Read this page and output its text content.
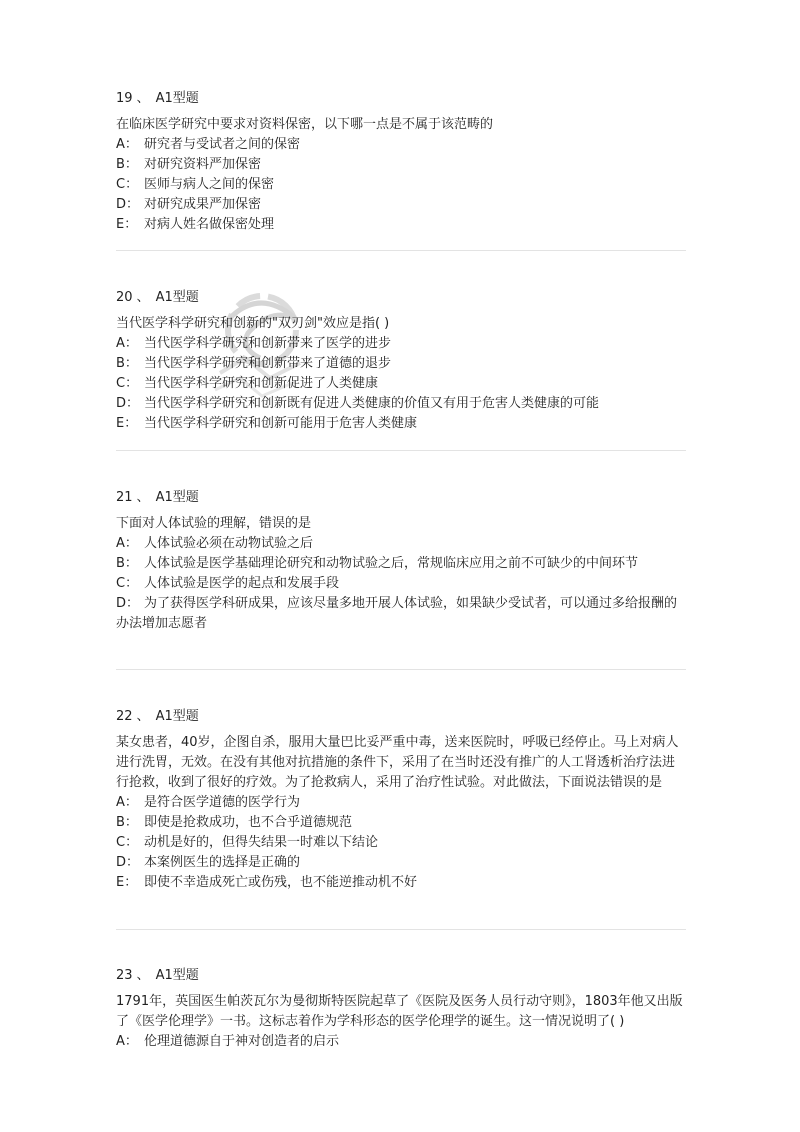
19 、 A1型题
在临床医学研究中要求对资料保密，以下哪一点是不属于该范畴的
A： 研究者与受试者之间的保密
B： 对研究资料严加保密
C： 医师与病人之间的保密
D： 对研究成果严加保密
E： 对病人姓名做保密处理
20 、 A1型题
当代医学科学研究和创新的"双刃剑"效应是指( )
A： 当代医学科学研究和创新带来了医学的进步
B： 当代医学科学研究和创新带来了道德的退步
C： 当代医学科学研究和创新促进了人类健康
D： 当代医学科学研究和创新既有促进人类健康的价值又有用于危害人类健康的可能
E： 当代医学科学研究和创新可能用于危害人类健康
21 、 A1型题
下面对人体试验的理解，错误的是
A： 人体试验必须在动物试验之后
B： 人体试验是医学基础理论研究和动物试验之后，常规临床应用之前不可缺少的中间环节
C： 人体试验是医学的起点和发展手段
D： 为了获得医学科研成果，应该尽量多地开展人体试验，如果缺少受试者，可以通过多给报酬的办法增加志愿者
22 、 A1型题
某女患者，40岁，企图自杀，服用大量巴比妥严重中毒，送来医院时，呼吸已经停止。马上对病人进行洗胃，无效。在没有其他对抗措施的条件下，采用了在当时还没有推广的人工肾透析治疗法进行抢救，收到了很好的疗效。为了抢救病人，采用了治疗性试验。对此做法，下面说法错误的是
A： 是符合医学道德的医学行为
B： 即使是抢救成功，也不合乎道德规范
C： 动机是好的，但得失结果一时难以下结论
D： 本案例医生的选择是正确的
E： 即使不幸造成死亡或伤残，也不能逆推动机不好
23 、 A1型题
1791年，英国医生帕茨瓦尔为曼彻斯特医院起草了《医院及医务人员行动守则》，1803年他又出版了《医学伦理学》一书。这标志着作为学科形态的医学伦理学的诞生。这一情况说明了( )
A： 伦理道德源自于神对创造者的启示
